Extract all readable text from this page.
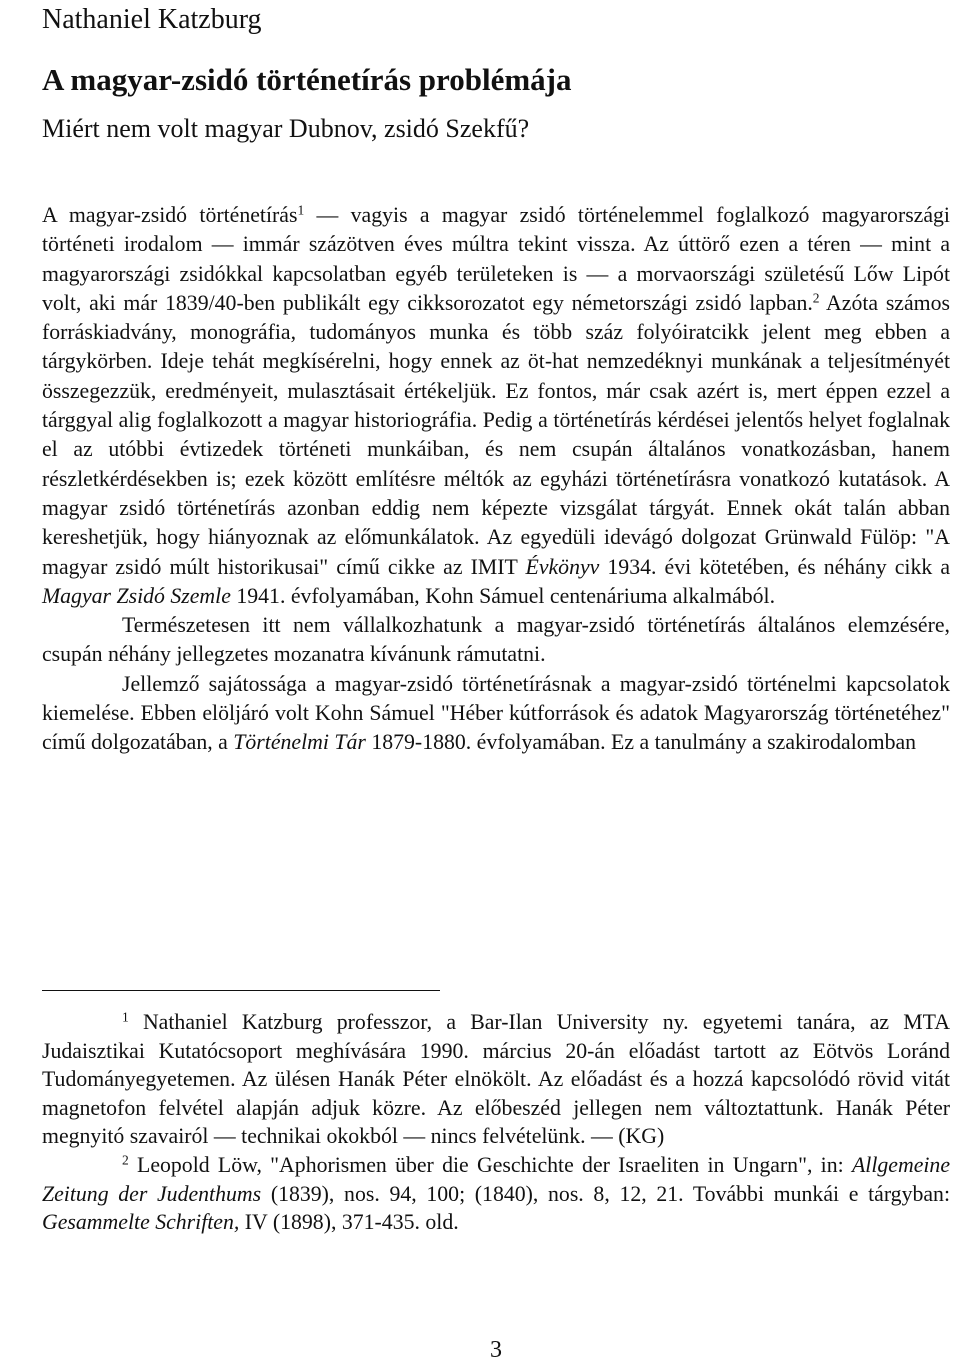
Nathaniel Katzburg
A magyar-zsidó történetírás problémája
Miért nem volt magyar Dubnov, zsidó Szekfű?

A magyar-zsidó történetírás$^1$ — vagyis a magyar zsidó történelemmel foglalkozó magyarországi történeti irodalom — immár százötven éves múltra tekint vissza. Az úttörő ezen a téren — mint a magyarországi zsidókkal kapcsolatban egyéb területeken is — a morvaországi születésű Lőw Lipót volt, aki már 1839/40-ben publikált egy cikksorozatot egy németországi zsidó lapban.$^2$ Azóta számos forráskiadvány, monográfia, tudományos munka és több száz folyóiratcikk jelent meg ebben a tárgykörben. Ideje tehát megkísérelni, hogy ennek az öt-hat nemzedéknyi munkának a teljesítményét összegezzük, eredményeit, mulasztásait értékeljük. Ez fontos, már csak azért is, mert éppen ezzel a tárggyal alig foglalkozott a magyar historiográfia. Pedig a történetírás kérdései jelentős helyet foglalnak el az utóbbi évtizedek történeti munkáiban, és nem csupán általános vonatkozásban, hanem részletkérdésekben is; ezek között említésre méltók az egyházi történetírásra vonatkozó kutatások. A magyar zsidó történetírás azonban eddig nem képezte vizsgálat tárgyát. Ennek okát talán abban kereshetjük, hogy hiányoznak az előmunkálatok. Az egyedüli idevágó dolgozat Grünwald Fülöp: "A magyar zsidó múlt historikusai" című cikke az IMIT Évkönyv 1934. évi kötetében, és néhány cikk a Magyar Zsidó Szemle 1941. évfolyamában, Kohn Sámuel centenáriuma alkalmából.

Természetesen itt nem vállalkozhatunk a magyar-zsidó történetírás általános elemzésére, csupán néhány jellegzetes mozanatra kívánunk rámutatni.

Jellemző sajátossága a magyar-zsidó történetírásnak a magyar-zsidó történelmi kapcsolatok kiemelése. Ebben elöljáró volt Kohn Sámuel "Héber kútforrások és adatok Magyarország történetéhez" című dolgozatában, a Történelmi Tár 1879-1880. évfolyamában. Ez a tanulmány a szakirodalomban

$^1$ Nathaniel Katzburg professzor, a Bar-Ilan University ny. egyetemi tanára, az MTA Judaisztikai Kutatócsoport meghívására 1990. március 20-án előadást tartott az Eötvös Loránd Tudományegyetemen. Az ülésen Hanák Péter elnökölt. Az előadást és a hozzá kapcsolódó rövid vitát magnetofon felvétel alapján adjuk közre. Az előbeszéd jellegen nem változtattunk. Hanák Péter megnyitó szavairól — technikai okokból — nincs felvételünk. — (KG)

$^2$ Leopold Löw, "Aphorismen über die Geschichte der Israeliten in Ungarn", in: Allgemeine Zeitung der Judenthums (1839), nos. 94, 100; (1840), nos. 8, 12, 21. További munkái e tárgyban: Gesammelte Schriften, IV (1898), 371-435. old.

3
